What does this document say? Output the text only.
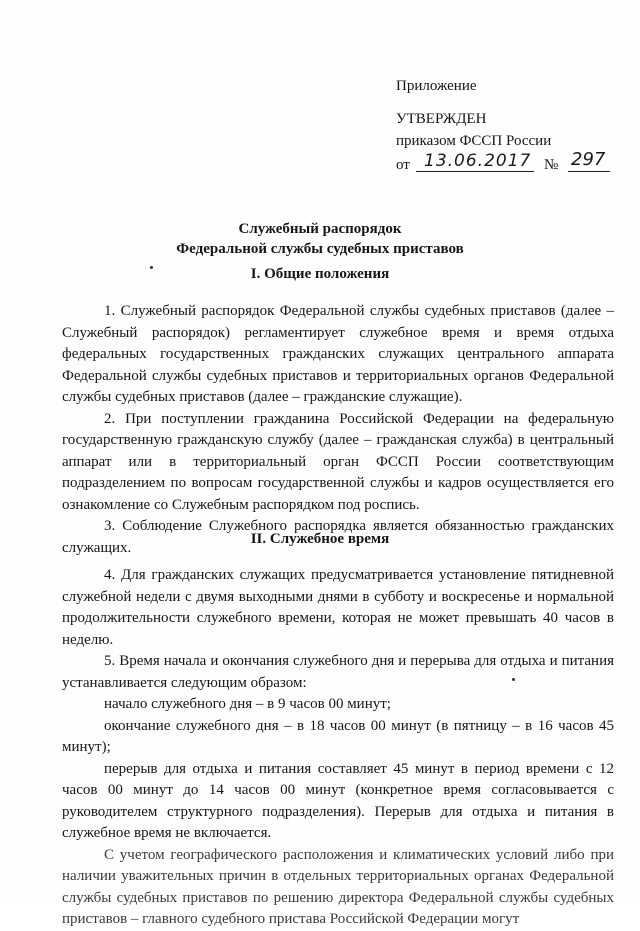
Приложение
УТВЕРЖДЕН
приказом ФССП России
от 13.06.2017 № 297
Служебный распорядок
Федеральной службы судебных приставов
I. Общие положения

1. Служебный распорядок Федеральной службы судебных приставов (далее – Служебный распорядок) регламентирует служебное время и время отдыха федеральных государственных гражданских служащих центрального аппарата Федеральной службы судебных приставов и территориальных органов Федеральной службы судебных приставов (далее – гражданские служащие).

2. При поступлении гражданина Российской Федерации на федеральную государственную гражданскую службу (далее – гражданская служба) в центральный аппарат или в территориальный орган ФССП России соответствующим подразделением по вопросам государственной службы и кадров осуществляется его ознакомление со Служебным распорядком под роспись.

3. Соблюдение Служебного распорядка является обязанностью гражданских служащих.

II. Служебное время

4. Для гражданских служащих предусматривается установление пятидневной служебной недели с двумя выходными днями в субботу и воскресенье и нормальной продолжительности служебного времени, которая не может превышать 40 часов в неделю.

5. Время начала и окончания служебного дня и перерыва для отдыха и питания устанавливается следующим образом:

начало служебного дня – в 9 часов 00 минут;

окончание служебного дня – в 18 часов 00 минут (в пятницу – в 16 часов 45 минут);

перерыв для отдыха и питания составляет 45 минут в период времени с 12 часов 00 минут до 14 часов 00 минут (конкретное время согласовывается с руководителем структурного подразделения). Перерыв для отдыха и питания в служебное время не включается.

С учетом географического расположения и климатических условий либо при наличии уважительных причин в отдельных территориальных органах Федеральной службы судебных приставов по решению директора Федеральной службы судебных приставов – главного судебного пристава Российской Федерации могут
